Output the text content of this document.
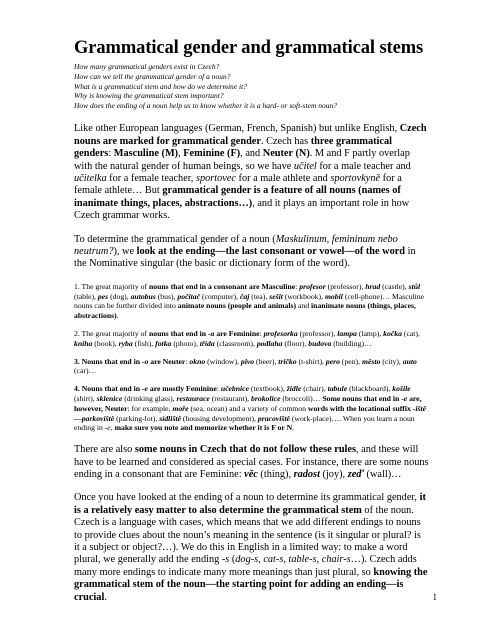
Grammatical gender and grammatical stems
How many grammatical genders exist in Czech?
How can we tell the grammatical gender of a noun?
What is a grammatical stem and how do we determine it?
Why is knowing the grammatical stem important?
How does the ending of a noun help us to know whether it is a hard- or soft-stem noun?

Like other European languages (German, French, Spanish) but unlike English, Czech nouns are marked for grammatical gender. Czech has three grammatical genders: Masculine (M), Feminine (F), and Neuter (N). M and F partly overlap with the natural gender of human beings, so we have učitel for a male teacher and učitelka for a female teacher, sportovec for a male athlete and sportovkyně for a female athlete… But grammatical gender is a feature of all nouns (names of inanimate things, places, abstractions…), and it plays an important role in how Czech grammar works.

To determine the grammatical gender of a noun (Maskulinum, femininum nebo neutrum?), we look at the ending—the last consonant or vowel—of the word in the Nominative singular (the basic or dictionary form of the word).

1. The great majority of nouns that end in a consonant are Masculine: profesor (professor), hrad (castle), stůl (table), pes (dog), autobus (bus), počítač (computer), čaj (tea), sešit (workbook), mobil (cell-phone)… Masculine nouns can be further divided into animate nouns (people and animals) and inanimate nouns (things, places, abstractions).

2. The great majority of nouns that end in -a are Feminine: profesorka (professor), lampa (lamp), kočka (cat), kniha (book), ryba (fish), fotka (photo), třída (classroom), podlaha (floor), budova (building)…

3. Nouns that end in -o are Neuter: okno (window), pivo (beer), tričko (t-shirt), pero (pen), město (city), auto (car)…

4. Nouns that end in -e are mostly Feminine: učebnice (textbook), židle (chair), tabule (blackboard), košile (shirt), sklenice (drinking glass), restaurace (restaurant), brokolice (broccoli)… Some nouns that end in -e are, however, Neuter: for example, moře (sea, ocean) and a variety of common words with the locational suffix -iště—parkoviště (parking-lot), sídliště (housing development), pracoviště (work-place)…. When you learn a noun ending in -e, make sure you note and memorize whether it is F or N.

There are also some nouns in Czech that do not follow these rules, and these will have to be learned and considered as special cases. For instance, there are some nouns ending in a consonant that are Feminine: věc (thing), radost (joy), zeď (wall)…

Once you have looked at the ending of a noun to determine its grammatical gender, it is a relatively easy matter to also determine the grammatical stem of the noun. Czech is a language with cases, which means that we add different endings to nouns to provide clues about the noun’s meaning in the sentence (is it singular or plural? is it a subject or object?…). We do this in English in a limited way: to make a word plural, we generally add the ending -s (dog-s, cat-s, table-s, chair-s…). Czech adds many more endings to indicate many more meanings than just plural, so knowing the grammatical stem of the noun—the starting point for adding an ending—is crucial.	1
